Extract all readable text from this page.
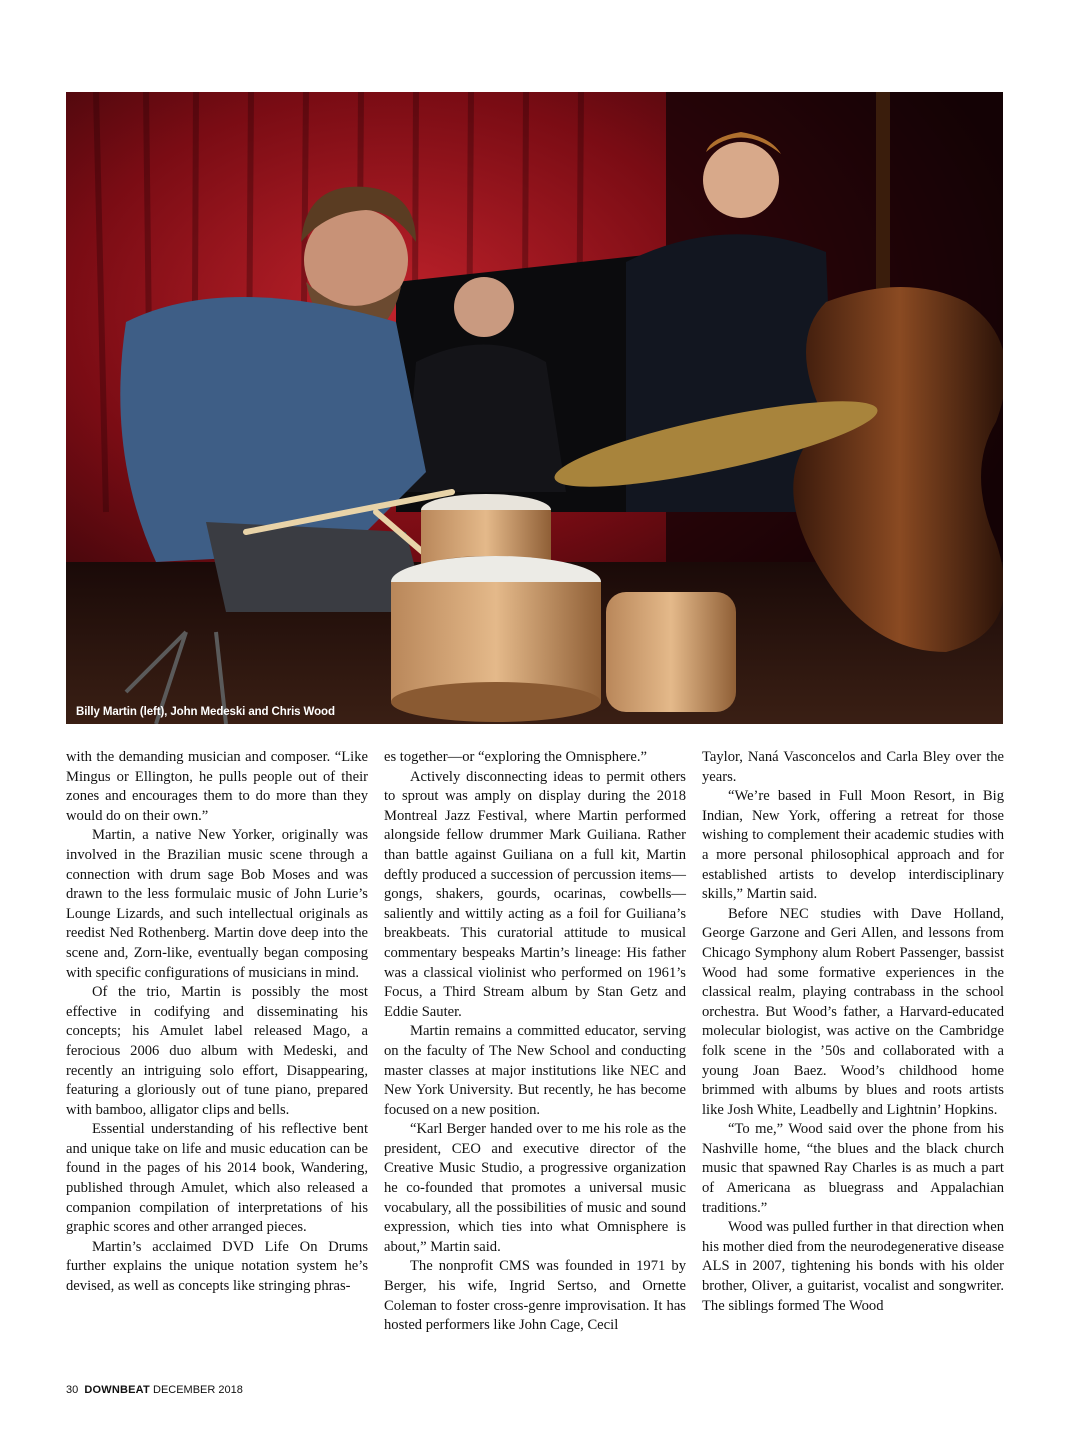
Billy Martin (left), John Medeski and Chris Wood

with the demanding musician and composer. “Like Mingus or Ellington, he pulls people out of their zones and encourages them to do more than they would do on their own.”

Martin, a native New Yorker, originally was involved in the Brazilian music scene through a connection with drum sage Bob Moses and was drawn to the less formulaic music of John Lurie’s Lounge Lizards, and such intellectual originals as reedist Ned Rothenberg. Martin dove deep into the scene and, Zorn-like, eventually began composing with specific configurations of musicians in mind.

Of the trio, Martin is possibly the most effective in codifying and disseminating his concepts; his Amulet label released Mago, a ferocious 2006 duo album with Medeski, and recently an intriguing solo effort, Disappearing, featuring a gloriously out of tune piano, prepared with bamboo, alligator clips and bells.

Essential understanding of his reflective bent and unique take on life and music education can be found in the pages of his 2014 book, Wandering, published through Amulet, which also released a companion compilation of interpretations of his graphic scores and other arranged pieces.

Martin’s acclaimed DVD Life On Drums further explains the unique notation system he’s devised, as well as concepts like stringing phras-

es together—or “exploring the Omnisphere.”

Actively disconnecting ideas to permit others to sprout was amply on display during the 2018 Montreal Jazz Festival, where Martin performed alongside fellow drummer Mark Guiliana. Rather than battle against Guiliana on a full kit, Martin deftly produced a succession of percussion items—gongs, shakers, gourds, ocarinas, cowbells—saliently and wittily acting as a foil for Guiliana’s breakbeats. This curatorial attitude to musical commentary bespeaks Martin’s lineage: His father was a classical violinist who performed on 1961’s Focus, a Third Stream album by Stan Getz and Eddie Sauter.

Martin remains a committed educator, serving on the faculty of The New School and conducting master classes at major institutions like NEC and New York University. But recently, he has become focused on a new position.

“Karl Berger handed over to me his role as the president, CEO and executive director of the Creative Music Studio, a progressive organization he co-founded that promotes a universal music vocabulary, all the possibilities of music and sound expression, which ties into what Omnisphere is about,” Martin said.

The nonprofit CMS was founded in 1971 by Berger, his wife, Ingrid Sertso, and Ornette Coleman to foster cross-genre improvisation. It has hosted performers like John Cage, Cecil

Taylor, Naná Vasconcelos and Carla Bley over the years.

“We’re based in Full Moon Resort, in Big Indian, New York, offering a retreat for those wishing to complement their academic studies with a more personal philosophical approach and for established artists to develop interdisciplinary skills,” Martin said.

Before NEC studies with Dave Holland, George Garzone and Geri Allen, and lessons from Chicago Symphony alum Robert Passenger, bassist Wood had some formative experiences in the classical realm, playing contrabass in the school orchestra. But Wood’s father, a Harvard-educated molecular biologist, was active on the Cambridge folk scene in the ’50s and collaborated with a young Joan Baez. Wood’s childhood home brimmed with albums by blues and roots artists like Josh White, Leadbelly and Lightnin’ Hopkins.

“To me,” Wood said over the phone from his Nashville home, “the blues and the black church music that spawned Ray Charles is as much a part of Americana as bluegrass and Appalachian traditions.”

Wood was pulled further in that direction when his mother died from the neurodegenerative disease ALS in 2007, tightening his bonds with his older brother, Oliver, a guitarist, vocalist and songwriter. The siblings formed The Wood

30 DOWNBEAT DECEMBER 2018
